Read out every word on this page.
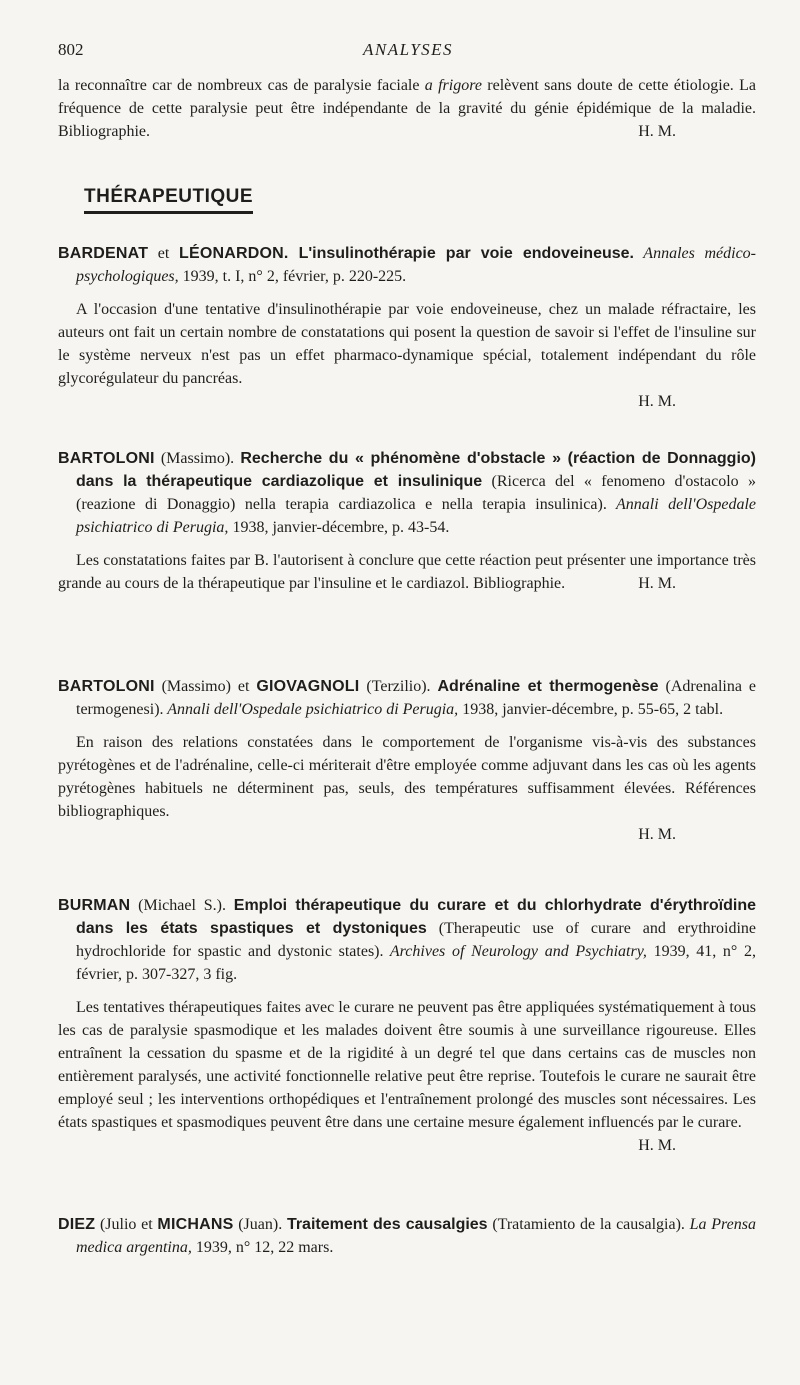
802	ANALYSES

la reconnaître car de nombreux cas de paralysie faciale a frigore relèvent sans doute de cette étiologie. La fréquence de cette paralysie peut être indépendante de la gravité du génie épidémique de la maladie. Bibliographie.	H. M.

THÉRAPEUTIQUE

BARDENAT et LÉONARDON. L'insulinothérapie par voie endoveineuse. Annales médico-psychologiques, 1939, t. I, n° 2, février, p. 220-225.

A l'occasion d'une tentative d'insulinothérapie par voie endoveineuse, chez un malade réfractaire, les auteurs ont fait un certain nombre de constatations qui posent la question de savoir si l'effet de l'insuline sur le système nerveux n'est pas un effet pharmaco-dynamique spécial, totalement indépendant du rôle glycorégulateur du pancréas.

H. M.

BARTOLONI (Massimo). Recherche du « phénomène d'obstacle » (réaction de Donnaggio) dans la thérapeutique cardiazolique et insulinique (Ricerca del « fenomeno d'ostacolo » (reazione di Donaggio) nella terapia cardiazolica e nella terapia insulinica). Annali dell'Ospedale psichiatrico di Perugia, 1938, janvier-décembre, p. 43-54.

Les constatations faites par B. l'autorisent à conclure que cette réaction peut présenter une importance très grande au cours de la thérapeutique par l'insuline et le cardiazol. Bibliographie.	H. M.

BARTOLONI (Massimo) et GIOVAGNOLI (Terzilio). Adrénaline et thermogenèse (Adrenalina e termogenesi). Annali dell'Ospedale psichiatrico di Perugia, 1938, janvier-décembre, p. 55-65, 2 tabl.

En raison des relations constatées dans le comportement de l'organisme vis-à-vis des substances pyrétogènes et de l'adrénaline, celle-ci mériterait d'être employée comme adjuvant dans les cas où les agents pyrétogènes habituels ne déterminent pas, seuls, des températures suffisamment élevées. Références bibliographiques.

H. M.

BURMAN (Michael S.). Emploi thérapeutique du curare et du chlorhydrate d'érythroïdine dans les états spastiques et dystoniques (Therapeutic use of curare and erythroidine hydrochloride for spastic and dystonic states). Archives of Neurology and Psychiatry, 1939, 41, n° 2, février, p. 307-327, 3 fig.

Les tentatives thérapeutiques faites avec le curare ne peuvent pas être appliquées systématiquement à tous les cas de paralysie spasmodique et les malades doivent être soumis à une surveillance rigoureuse. Elles entraînent la cessation du spasme et de la rigidité à un degré tel que dans certains cas de muscles non entièrement paralysés, une activité fonctionnelle relative peut être reprise. Toutefois le curare ne saurait être employé seul ; les interventions orthopédiques et l'entraînement prolongé des muscles sont nécessaires. Les états spastiques et spasmodiques peuvent être dans une certaine mesure également influencés par le curare.
H. M.

DIEZ (Julio et MICHANS (Juan). Traitement des causalgies (Tratamiento de la causalgia). La Prensa medica argentina, 1939, n° 12, 22 mars.
